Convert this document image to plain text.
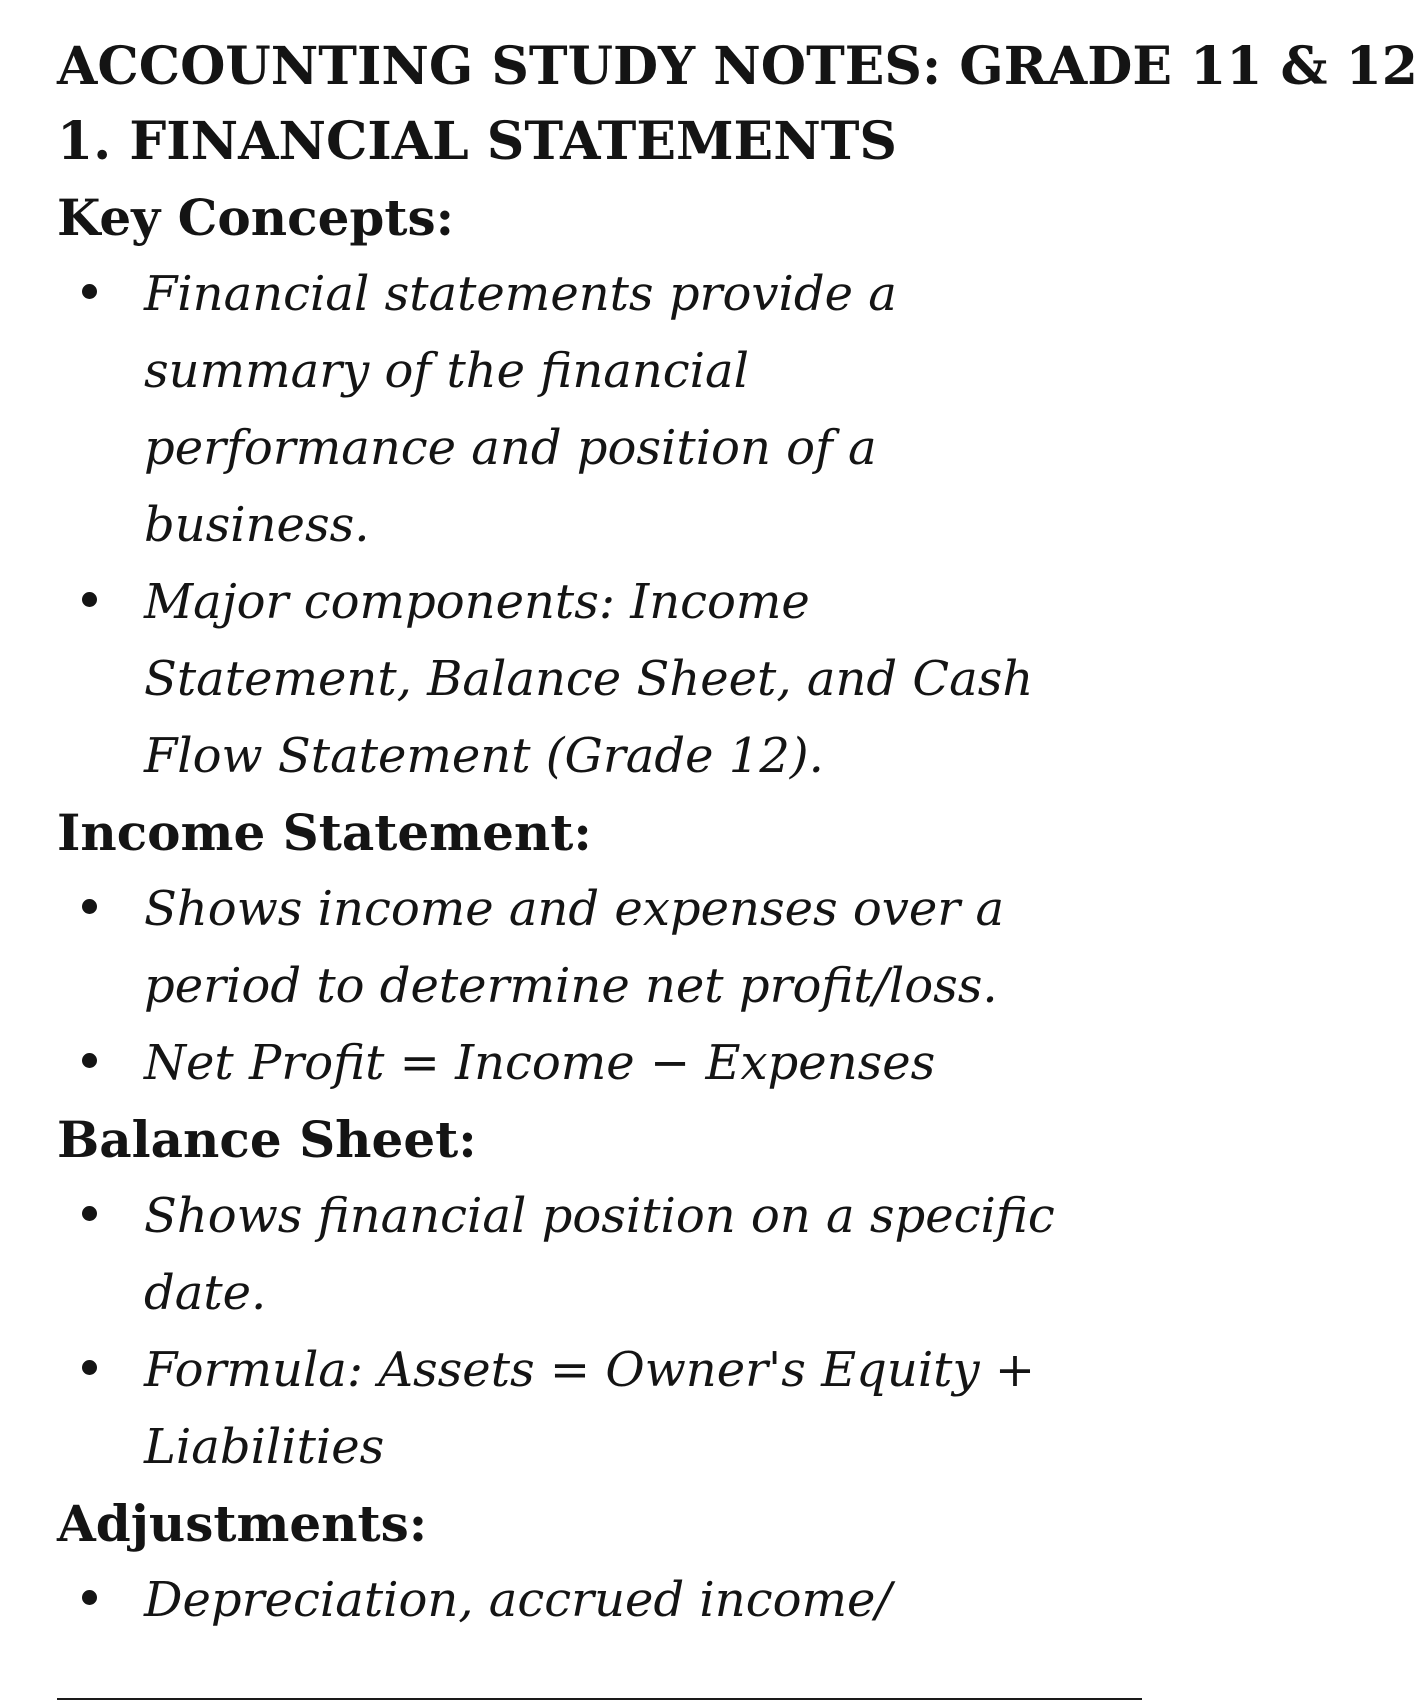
ACCOUNTING STUDY NOTES: GRADE 11 & 12
1. FINANCIAL STATEMENTS
Key Concepts:
Financial statements provide a summary of the financial performance and position of a business.
Major components: Income Statement, Balance Sheet, and Cash Flow Statement (Grade 12).
Income Statement:
Shows income and expenses over a period to determine net profit/loss.
Net Profit = Income − Expenses
Balance Sheet:
Shows financial position on a specific date.
Formula: Assets = Owner's Equity + Liabilities
Adjustments:
Depreciation, accrued income/
